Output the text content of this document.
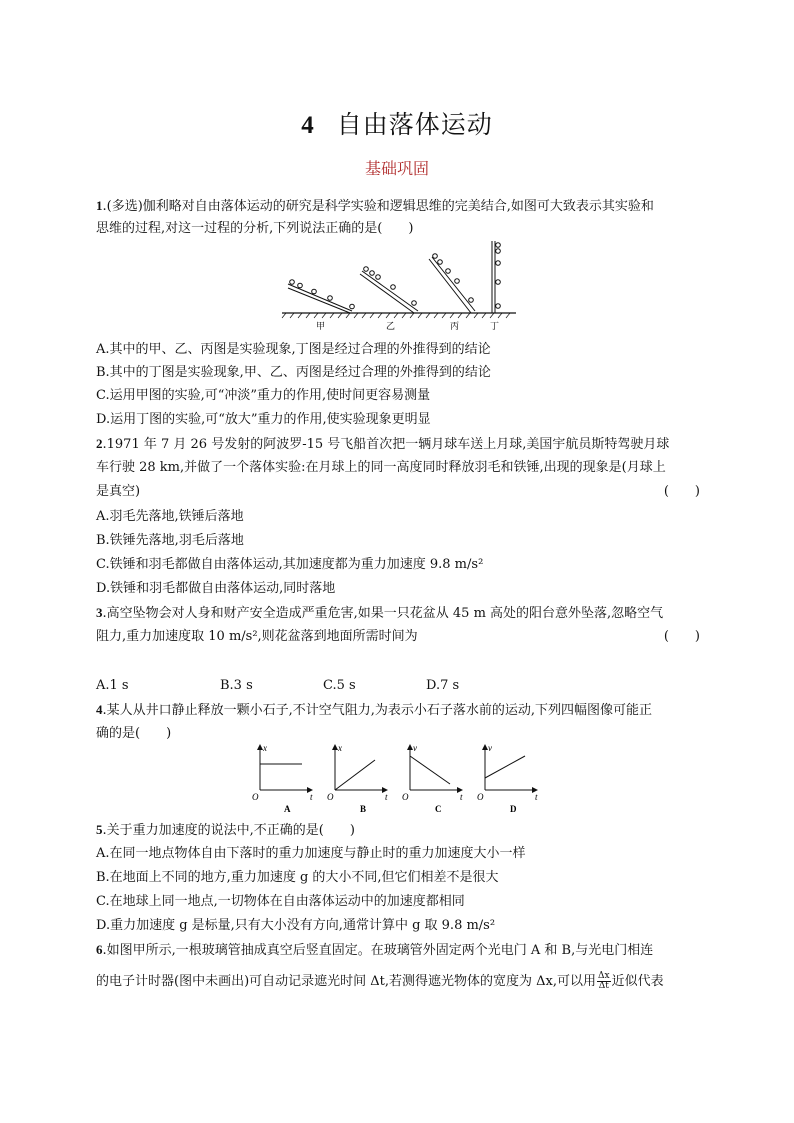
4 自由落体运动
基础巩固
1.(多选)伽利略对自由落体运动的研究是科学实验和逻辑思维的完美结合,如图可大致表示其实验和
思维的过程,对这一过程的分析,下列说法正确的是(　　)
甲	乙	丙	丁
A.其中的甲、乙、丙图是实验现象,丁图是经过合理的外推得到的结论
B.其中的丁图是实验现象,甲、乙、丙图是经过合理的外推得到的结论
C.运用甲图的实验,可“冲淡”重力的作用,使时间更容易测量
D.运用丁图的实验,可“放大”重力的作用,使实验现象更明显
2.1971 年 7 月 26 号发射的阿波罗-15 号飞船首次把一辆月球车送上月球,美国宇航员斯特驾驶月球
车行驶 28 km,并做了一个落体实验:在月球上的同一高度同时释放羽毛和铁锤,出现的现象是(月球上
是真空)	(　　)
A.羽毛先落地,铁锤后落地
B.铁锤先落地,羽毛后落地
C.铁锤和羽毛都做自由落体运动,其加速度都为重力加速度 9.8 m/s²
D.铁锤和羽毛都做自由落体运动,同时落地
3.高空坠物会对人身和财产安全造成严重危害,如果一只花盆从 45 m 高处的阳台意外坠落,忽略空气
阻力,重力加速度取 10 m/s²,则花盆落到地面所需时间为	(　　)
A.1 s	B.3 s	C.5 s	D.7 s
4.某人从井口静止释放一颗小石子,不计空气阻力,为表示小石子落水前的运动,下列四幅图像可能正
确的是(　　)
x
t
O
A
x
t
O
B
v
t
O
C
v
t
O
D
5.关于重力加速度的说法中,不正确的是(　　)
A.在同一地点物体自由下落时的重力加速度与静止时的重力加速度大小一样
B.在地面上不同的地方,重力加速度 g 的大小不同,但它们相差不是很大
C.在地球上同一地点,一切物体在自由落体运动中的加速度都相同
D.重力加速度 g 是标量,只有大小没有方向,通常计算中 g 取 9.8 m/s²
6.如图甲所示,一根玻璃管抽成真空后竖直固定。在玻璃管外固定两个光电门 A 和 B,与光电门相连
的电子计时器(图中未画出)可自动记录遮光时间 Δt,若测得遮光物体的宽度为 Δx,可以用 $\frac{\Delta x}{\Delta t}$ 近似代表
